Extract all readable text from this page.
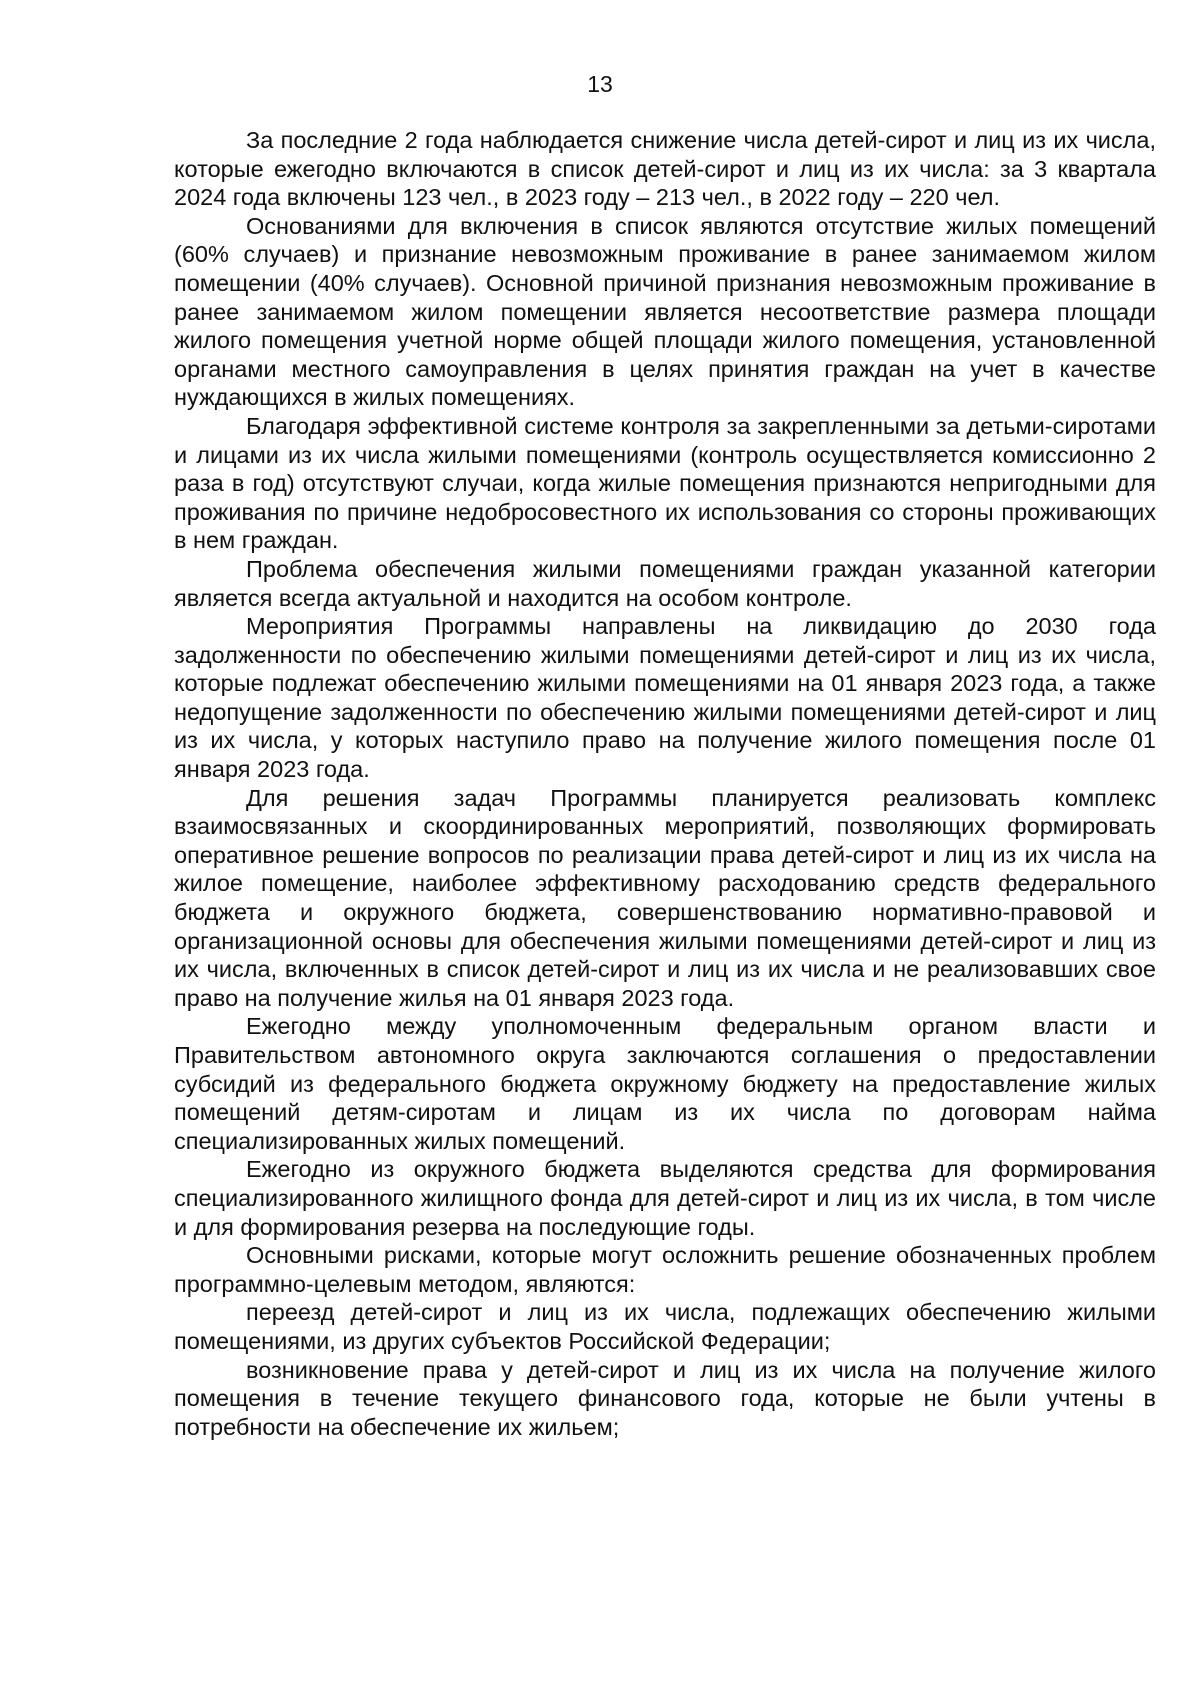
13

За последние 2 года наблюдается снижение числа детей-сирот и лиц из их числа, которые ежегодно включаются в список детей-сирот и лиц из их числа: за 3 квартала 2024 года включены 123 чел., в 2023 году – 213 чел., в 2022 году – 220 чел.

Основаниями для включения в список являются отсутствие жилых помещений (60% случаев) и признание невозможным проживание в ранее занимаемом жилом помещении (40% случаев). Основной причиной признания невозможным проживание в ранее занимаемом жилом помещении является несоответствие размера площади жилого помещения учетной норме общей площади жилого помещения, установленной органами местного самоуправления в целях принятия граждан на учет в качестве нуждающихся в жилых помещениях.

Благодаря эффективной системе контроля за закрепленными за детьми-сиротами и лицами из их числа жилыми помещениями (контроль осуществляется комиссионно 2 раза в год) отсутствуют случаи, когда жилые помещения признаются непригодными для проживания по причине недобросовестного их использования со стороны проживающих в нем граждан.

Проблема обеспечения жилыми помещениями граждан указанной категории является всегда актуальной и находится на особом контроле.

Мероприятия Программы направлены на ликвидацию до 2030 года задолженности по обеспечению жилыми помещениями детей-сирот и лиц из их числа, которые подлежат обеспечению жилыми помещениями на 01 января 2023 года, а также недопущение задолженности по обеспечению жилыми помещениями детей-сирот и лиц из их числа, у которых наступило право на получение жилого помещения после 01 января 2023 года.

Для решения задач Программы планируется реализовать комплекс взаимосвязанных и скоординированных мероприятий, позволяющих формировать оперативное решение вопросов по реализации права детей-сирот и лиц из их числа на жилое помещение, наиболее эффективному расходованию средств федерального бюджета и окружного бюджета, совершенствованию нормативно-правовой и организационной основы для обеспечения жилыми помещениями детей-сирот и лиц из их числа, включенных в список детей-сирот и лиц из их числа и не реализовавших свое право на получение жилья на 01 января 2023 года.

Ежегодно между уполномоченным федеральным органом власти и Правительством автономного округа заключаются соглашения о предоставлении субсидий из федерального бюджета окружному бюджету на предоставление жилых помещений детям-сиротам и лицам из их числа по договорам найма специализированных жилых помещений.

Ежегодно из окружного бюджета выделяются средства для формирования специализированного жилищного фонда для детей-сирот и лиц из их числа, в том числе и для формирования резерва на последующие годы.

Основными рисками, которые могут осложнить решение обозначенных проблем программно-целевым методом, являются:

переезд детей-сирот и лиц из их числа, подлежащих обеспечению жилыми помещениями, из других субъектов Российской Федерации;

возникновение права у детей-сирот и лиц из их числа на получение жилого помещения в течение текущего финансового года, которые не были учтены в потребности на обеспечение их жильем;
